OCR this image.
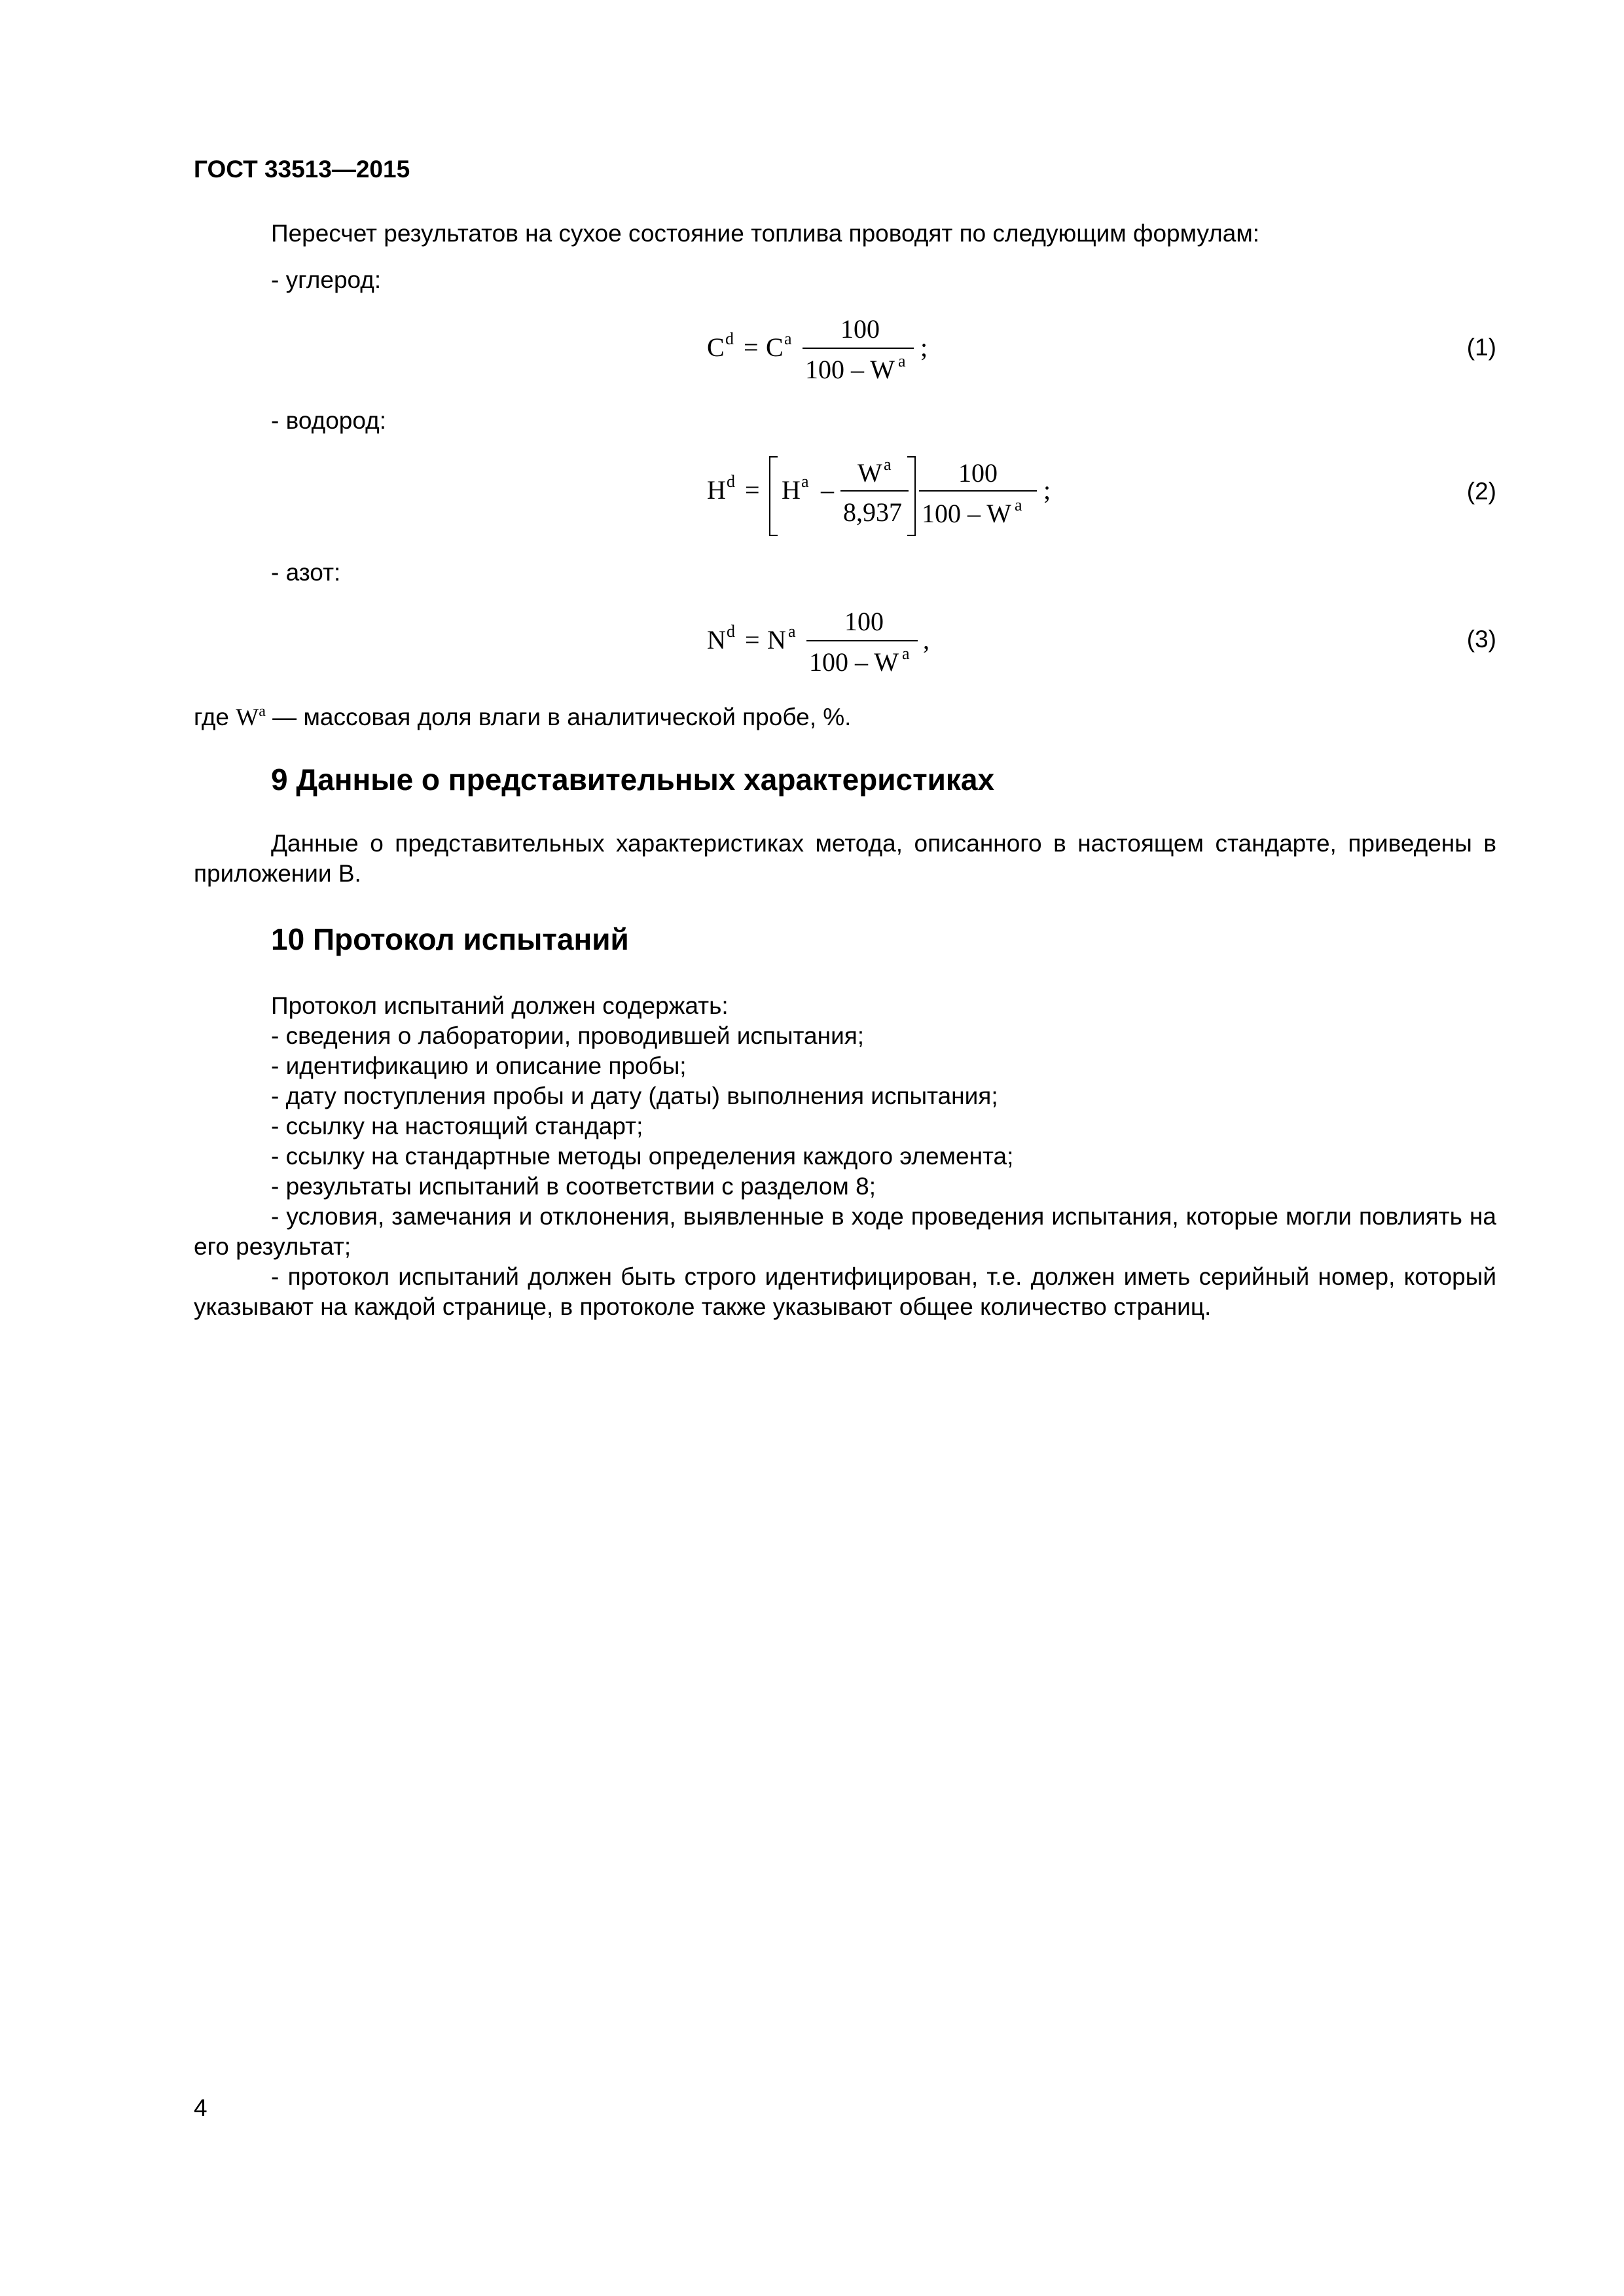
ГОСТ 33513—2015
Пересчет результатов на сухое состояние топлива проводят по следующим формулам:
- углерод:
C d = C a 100
100 – W a ;	(1)
- водород:
H d = H a –
W a
8,937
100
100 – W a
;	(2)
- азот:
N d = N a 100
100 – W a ,	(3)
где $W^a$ — массовая доля влаги в аналитической пробе, %.
9 Данные о представительных характеристиках
Данные о представительных характеристиках метода, описанного в настоящем стандарте, приведены в приложении В.
10 Протокол испытаний
Протокол испытаний должен содержать:
- сведения о лаборатории, проводившей испытания;
- идентификацию и описание пробы;
- дату поступления пробы и дату (даты) выполнения испытания;
- ссылку на настоящий стандарт;
- ссылку на стандартные методы определения каждого элемента;
- результаты испытаний в соответствии с разделом 8;
- условия, замечания и отклонения, выявленные в ходе проведения испытания, которые могли повлиять на его результат;
- протокол испытаний должен быть строго идентифицирован, т.е. должен иметь серийный номер, который указывают на каждой странице, в протоколе также указывают общее количество страниц.
4
